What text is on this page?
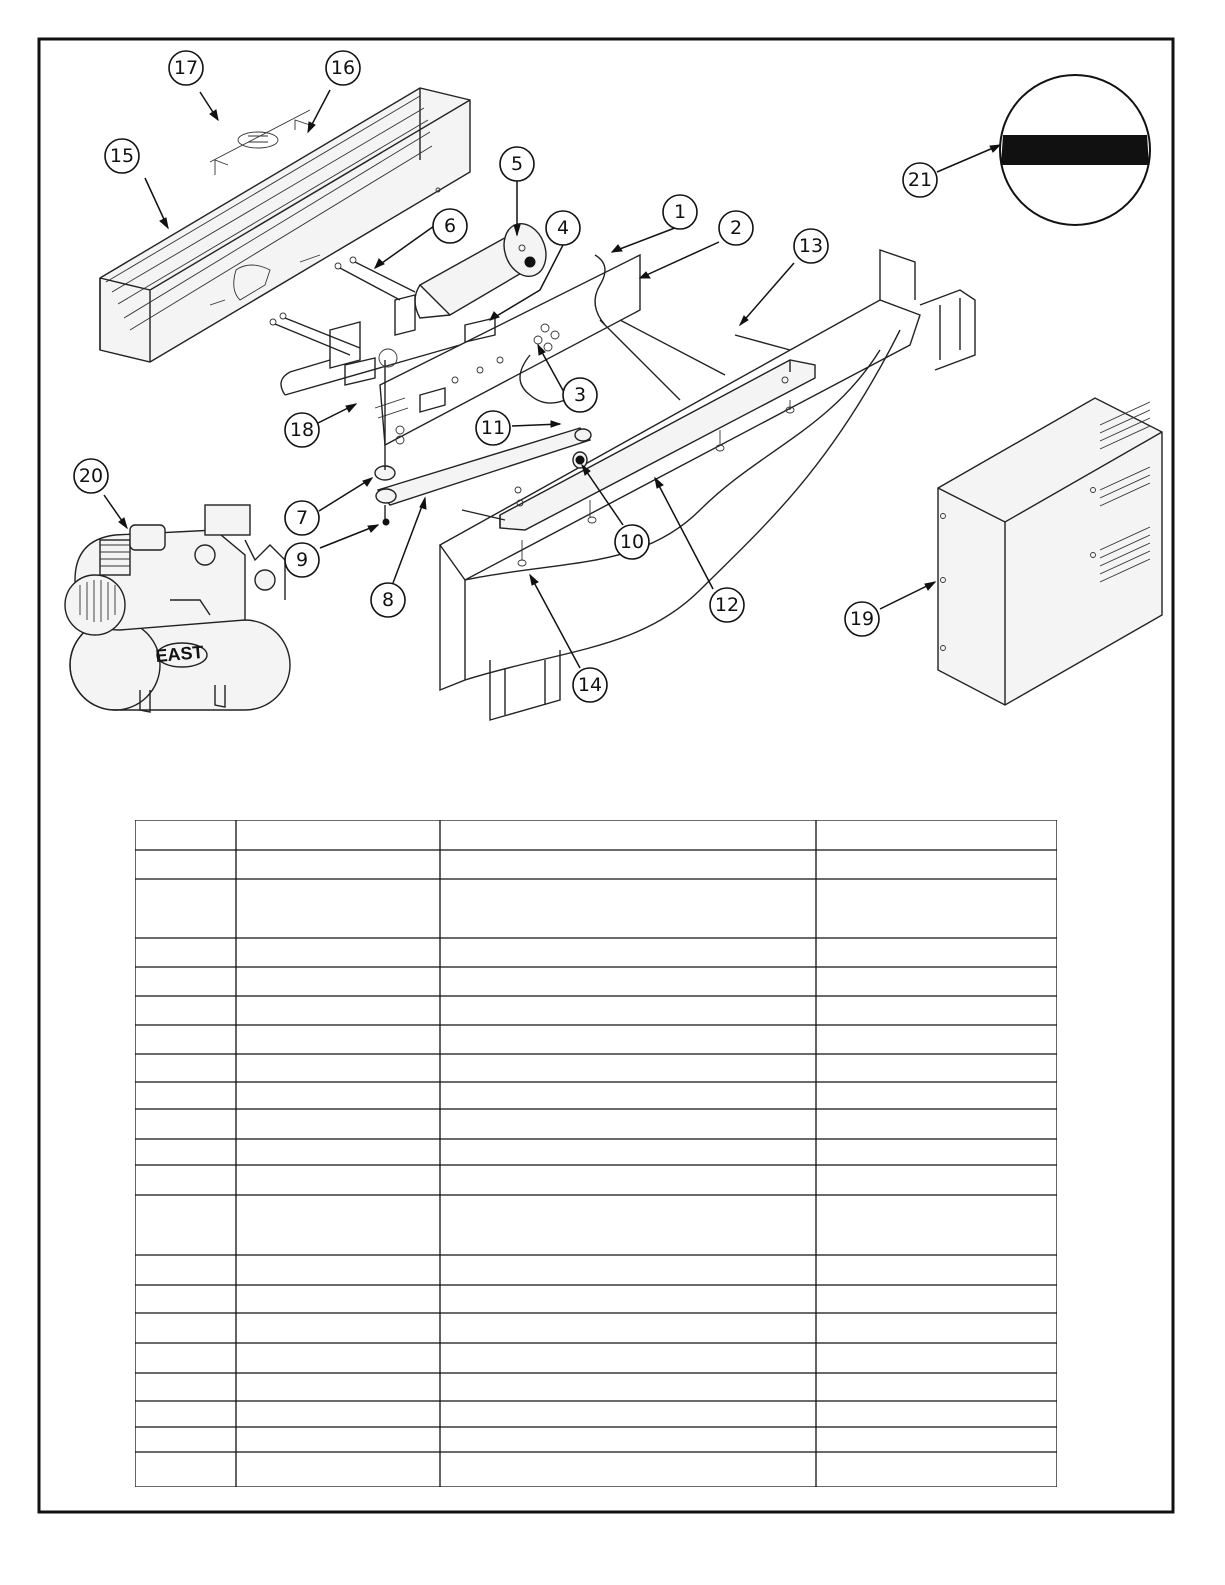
EAST
1
2
3
4
5
6
7
8
9
10
11
12
13
14
15
16
17
18
19
20
21
